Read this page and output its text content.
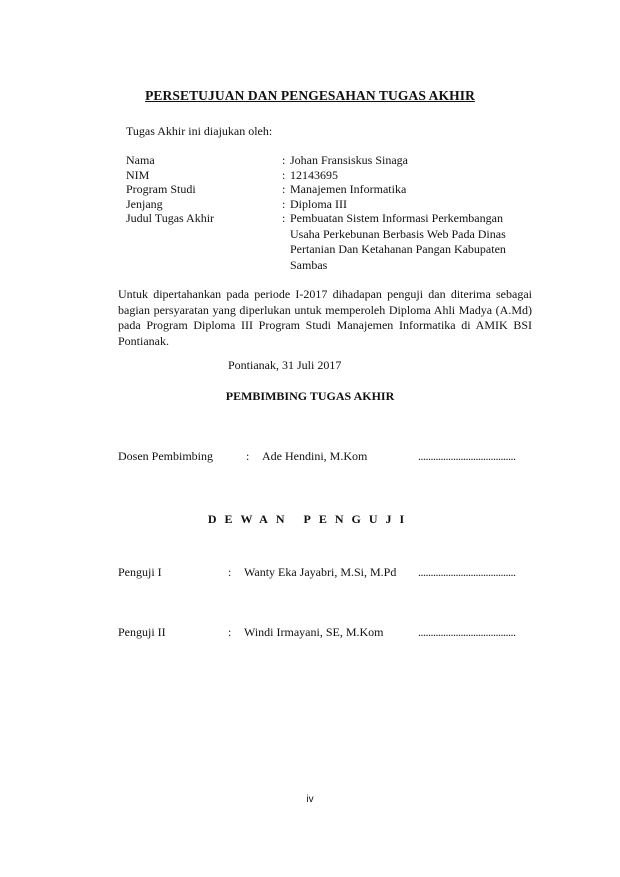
PERSETUJUAN DAN PENGESAHAN TUGAS AKHIR
Tugas Akhir ini diajukan oleh:
Nama	: Johan Fransiskus Sinaga
NIM	: 12143695
Program Studi	: Manajemen Informatika
Jenjang	: Diploma III
Judul Tugas Akhir	: Pembuatan Sistem Informasi Perkembangan Usaha Perkebunan Berbasis Web Pada Dinas Pertanian Dan Ketahanan Pangan Kabupaten Sambas
Untuk dipertahankan pada periode I-2017 dihadapan penguji dan diterima sebagai bagian persyaratan yang diperlukan untuk memperoleh Diploma Ahli Madya (A.Md) pada Program Diploma III Program Studi Manajemen Informatika di AMIK BSI Pontianak.
Pontianak, 31 Juli 2017
PEMBIMBING TUGAS AKHIR
Dosen Pembimbing	: Ade Hendini, M.Kom	.......................................
DEWAN PENGUJI
Penguji I	: Wanty Eka Jayabri, M.Si, M.Pd .......................................
Penguji II	: Windi Irmayani, SE, M.Kom	.......................................
iv
